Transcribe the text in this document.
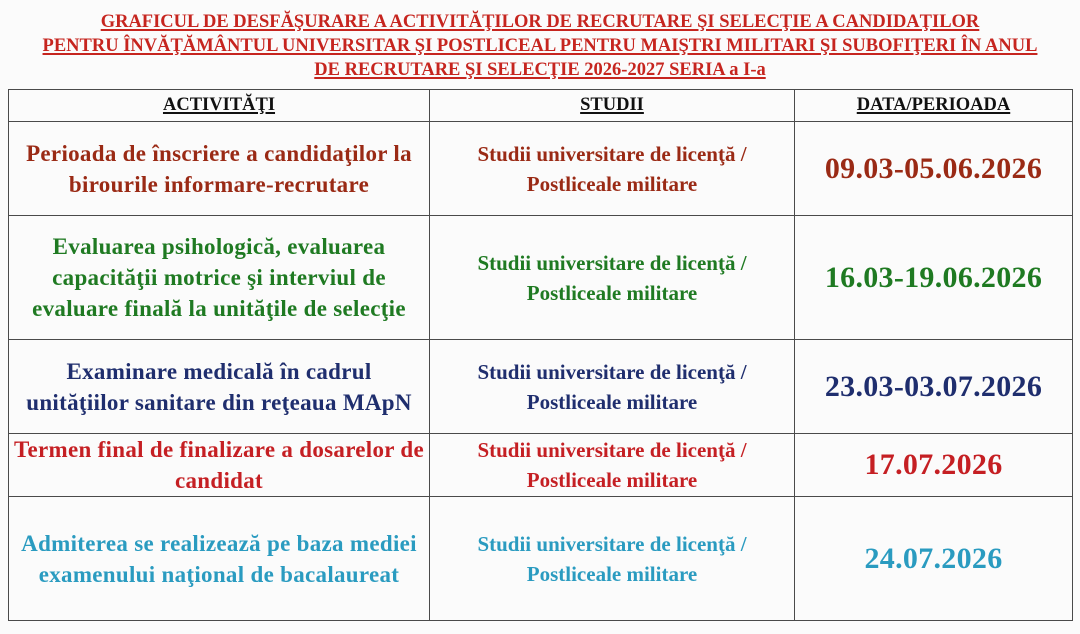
GRAFICUL DE DESFĂŞURARE A ACTIVITĂŢILOR DE RECRUTARE ŞI SELECŢIE A CANDIDAŢILOR
PENTRU ÎNVĂŢĂMÂNTUL UNIVERSITAR ŞI POSTLICEAL PENTRU MAIŞTRI MILITARI ŞI SUBOFIŢERI ÎN ANUL
DE RECRUTARE ŞI SELECŢIE 2026-2027 SERIA a I-a
ACTIVITĂŢI	STUDII	DATA/PERIOADA
Perioada de înscriere a candidaţilor la birourile informare-recrutare	Studii universitare de licenţă / Postliceale militare	09.03-05.06.2026
Evaluarea psihologică, evaluarea capacităţii motrice şi interviul de evaluare finală la unităţile de selecţie	Studii universitare de licenţă / Postliceale militare	16.03-19.06.2026
Examinare medicală în cadrul unităţiilor sanitare din reţeaua MApN	Studii universitare de licenţă / Postliceale militare	23.03-03.07.2026
Termen final de finalizare a dosarelor de candidat	Studii universitare de licenţă / Postliceale militare	17.07.2026
Admiterea se realizează pe baza mediei examenului naţional de bacalaureat	Studii universitare de licenţă / Postliceale militare	24.07.2026
